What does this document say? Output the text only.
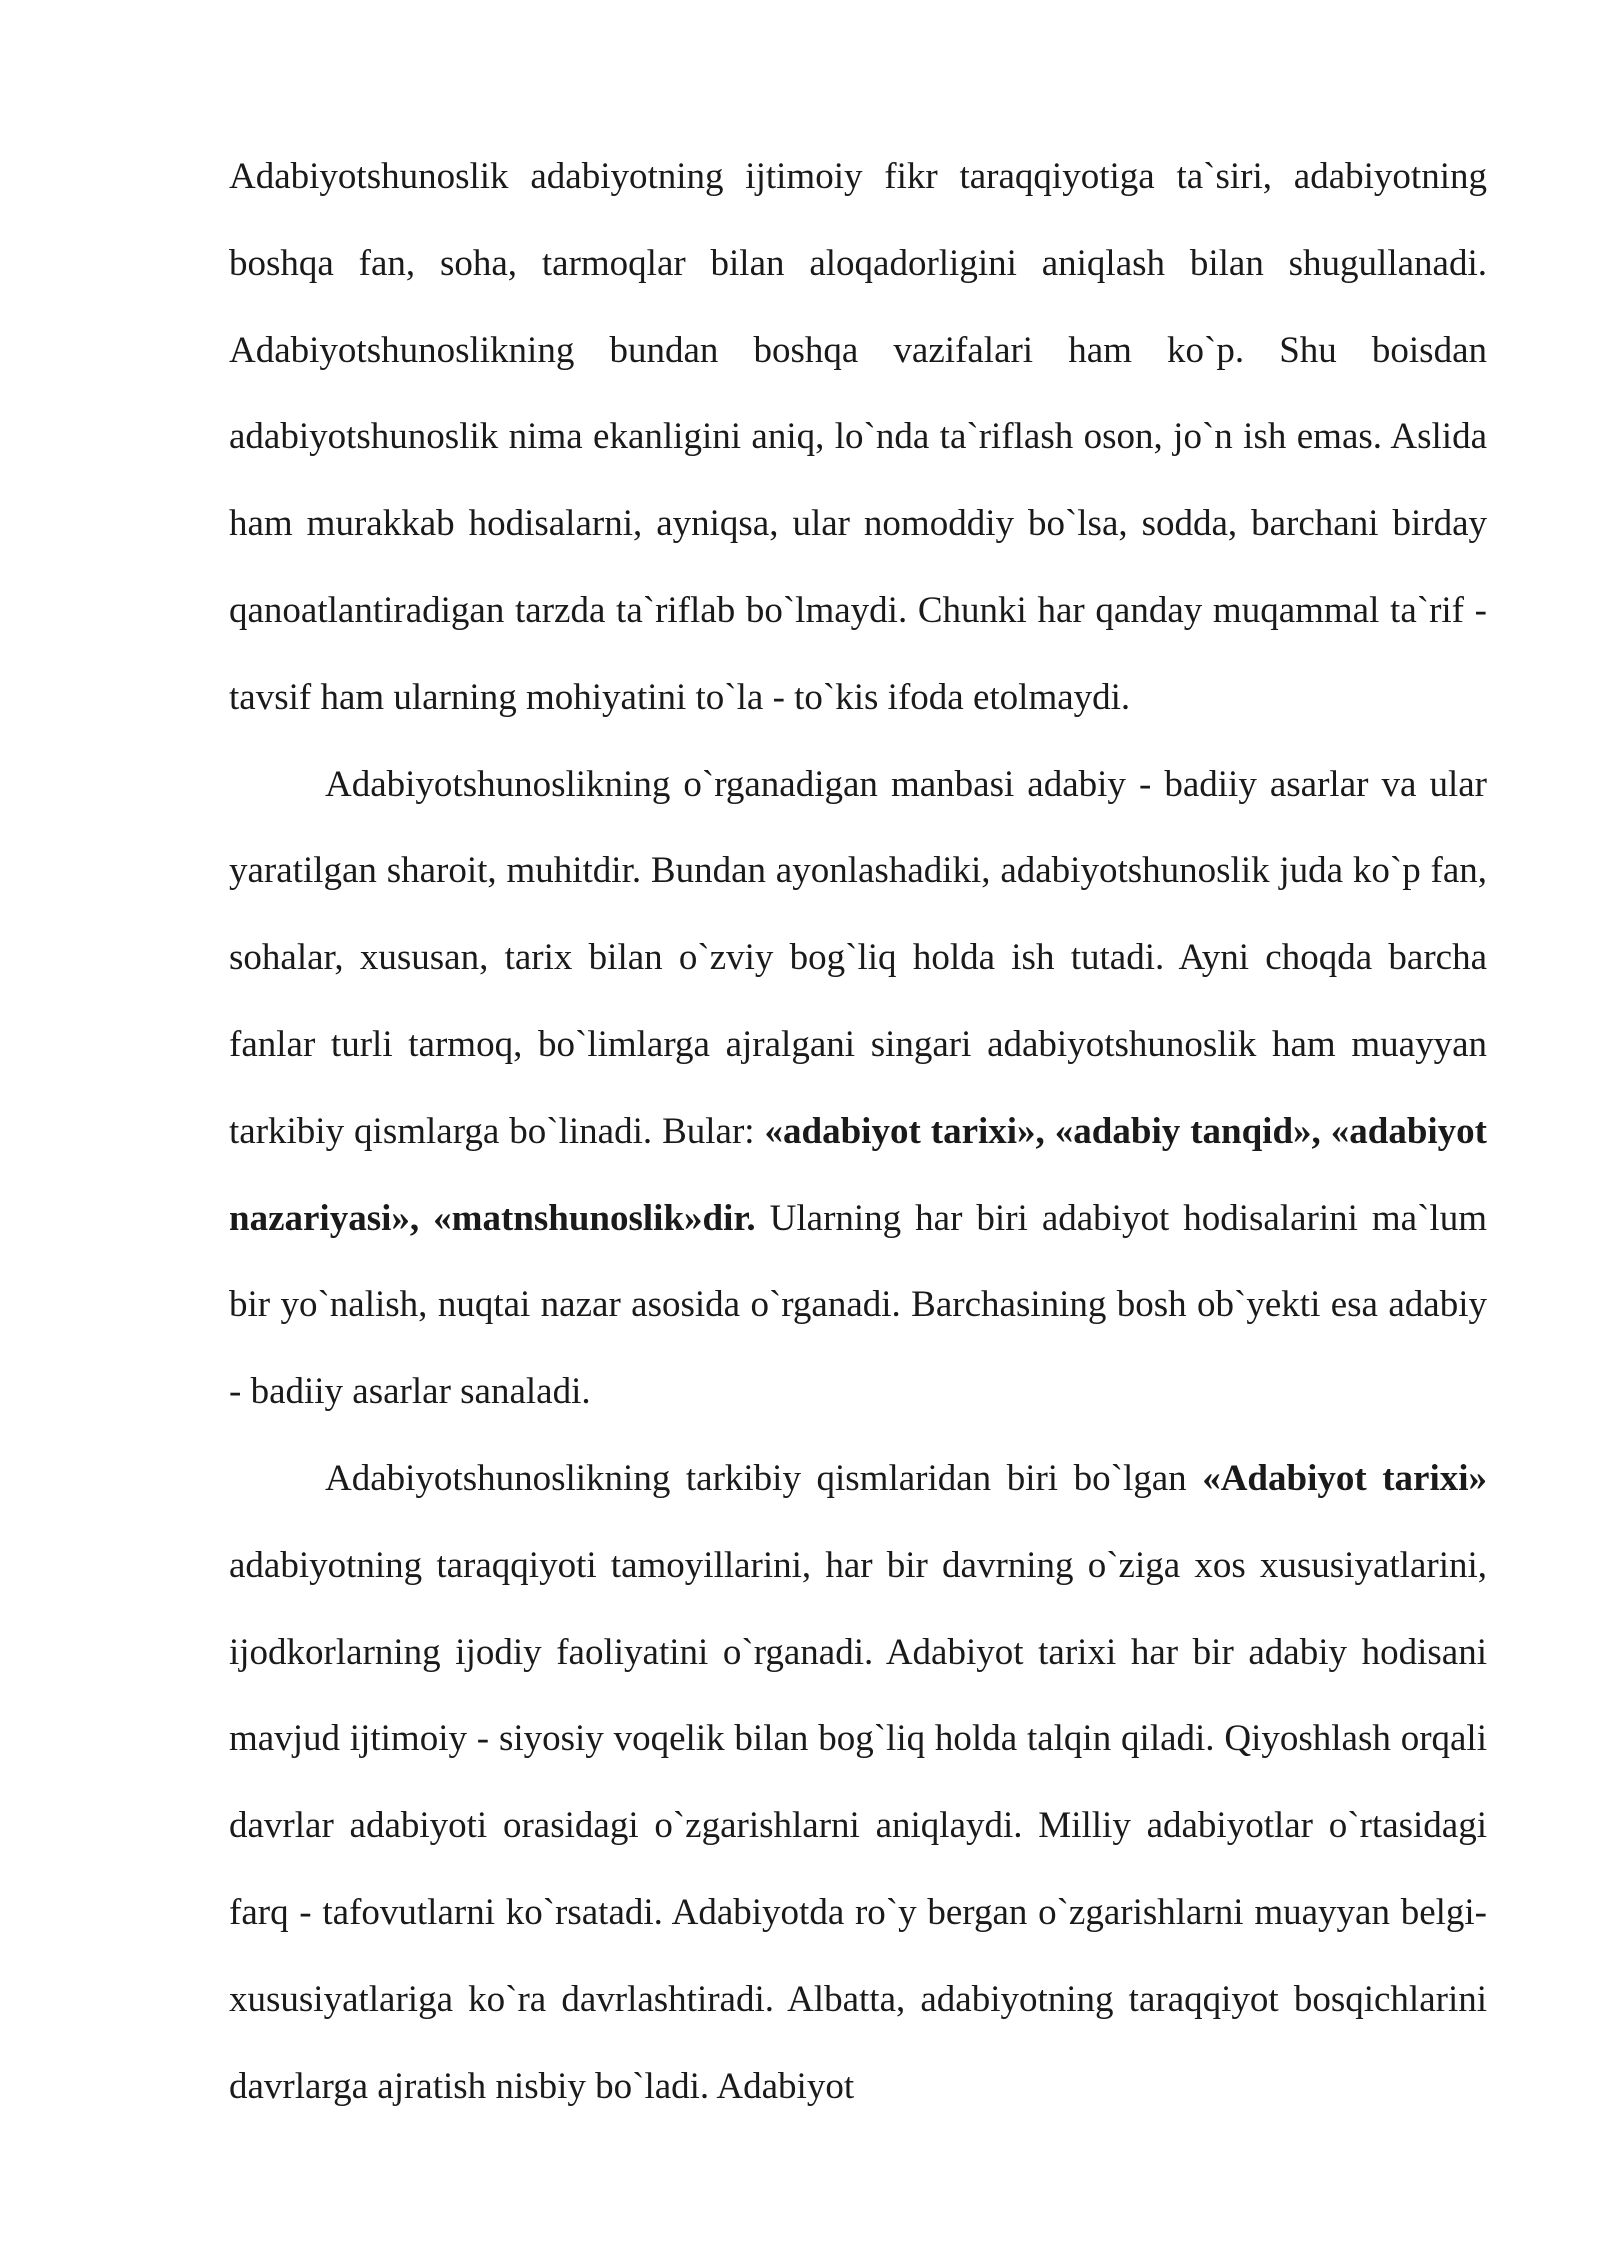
Adabiyotshunoslik adabiyotning ijtimoiy fikr taraqqiyotiga ta`siri, adabiyotning boshqa fan, soha, tarmoqlar bilan aloqadorligini aniqlash bilan shugullanadi. Adabiyotshunoslikning bundan boshqa vazifalari ham ko`p. Shu boisdan adabiyotshunoslik nima ekanligini aniq, lo`nda ta`riflash oson, jo`n ish emas. Aslida ham murakkab hodisalarni, ayniqsa, ular nomoddiy bo`lsa, sodda, barchani birday qanoatlantiradigan tarzda ta`riflab bo`lmaydi. Chunki har qanday muqammal ta`rif - tavsif ham ularning mohiyatini to`la - to`kis ifoda etolmaydi.

Adabiyotshunoslikning o`rganadigan manbasi adabiy - badiiy asarlar va ular yaratilgan sharoit, muhitdir. Bundan ayonlashadiki, adabiyotshunoslik juda ko`p fan, sohalar, xususan, tarix bilan o`zviy bog`liq holda ish tutadi. Ayni choqda barcha fanlar turli tarmoq, bo`limlarga ajralgani singari adabiyotshunoslik ham muayyan tarkibiy qismlarga bo`linadi. Bular: «adabiyot tarixi», «adabiy tanqid», «adabiyot nazariyasi», «matnshunoslik»dir. Ularning har biri adabiyot hodisalarini ma`lum bir yo`nalish, nuqtai nazar asosida o`rganadi. Barchasining bosh ob`yekti esa adabiy - badiiy asarlar sanaladi.

Adabiyotshunoslikning tarkibiy qismlaridan biri bo`lgan «Adabiyot tarixi» adabiyotning taraqqiyoti tamoyillarini, har bir davrning o`ziga xos xususiyatlarini, ijodkorlarning ijodiy faoliyatini o`rganadi. Adabiyot tarixi har bir adabiy hodisani mavjud ijtimoiy - siyosiy voqelik bilan bog`liq holda talqin qiladi. Qiyoshlash orqali davrlar adabiyoti orasidagi o`zgarishlarni aniqlaydi. Milliy adabiyotlar o`rtasidagi farq - tafovutlarni ko`rsatadi. Adabiyotda ro`y bergan o`zgarishlarni muayyan belgi-xususiyatlariga ko`ra davrlashtiradi. Albatta, adabiyotning taraqqiyot bosqichlarini davrlarga ajratish nisbiy bo`ladi. Adabiyot
